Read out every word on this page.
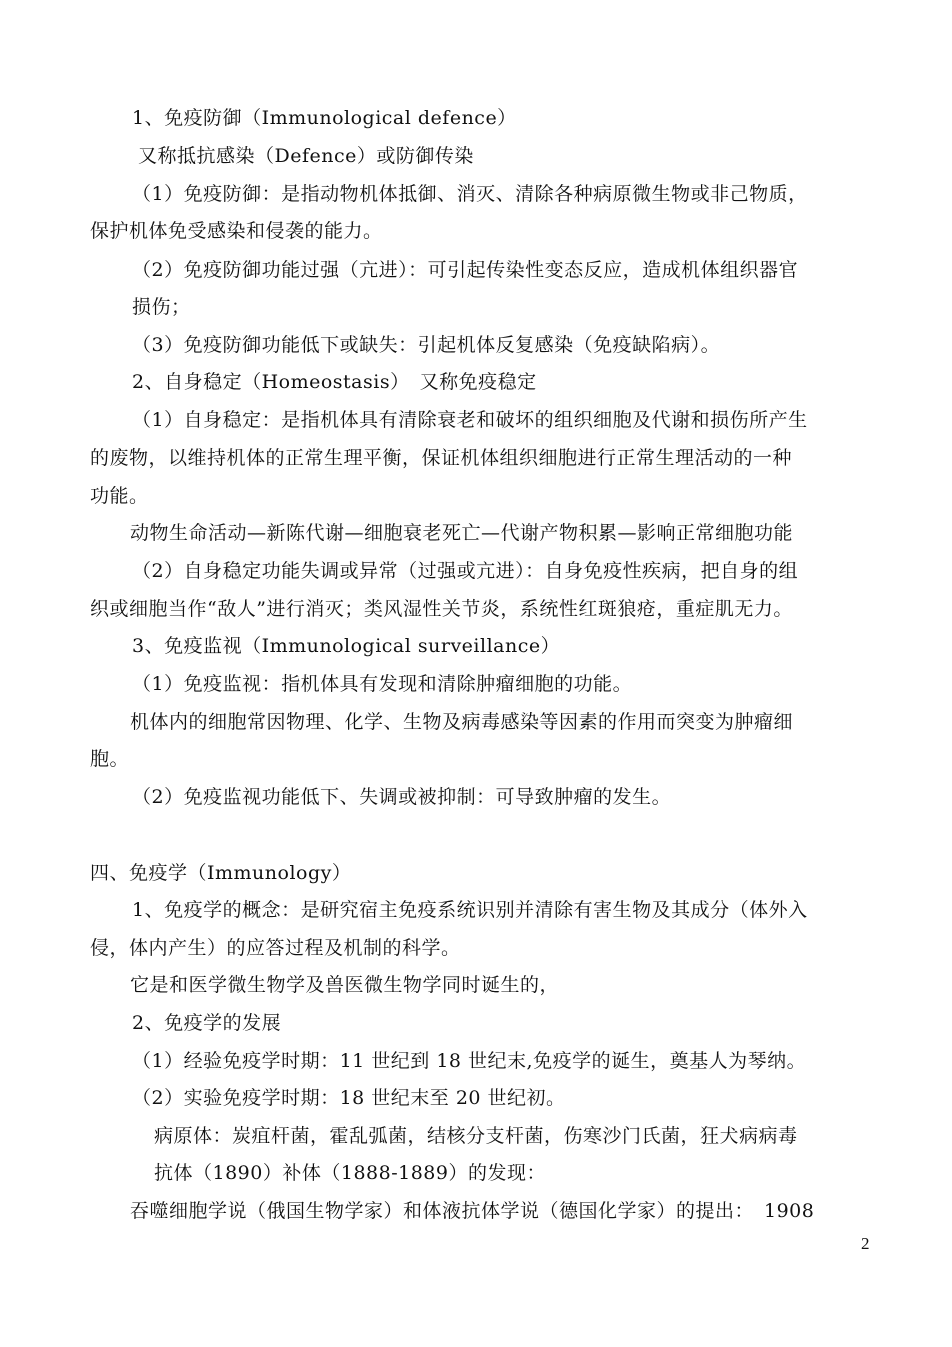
1、免疫防御（Immunological defence）
又称抵抗感染（Defence）或防御传染
（1）免疫防御：是指动物机体抵御、消灭、清除各种病原微生物或非己物质，
保护机体免受感染和侵袭的能力。
（2）免疫防御功能过强（亢进）：可引起传染性变态反应，造成机体组织器官
损伤；
（3）免疫防御功能低下或缺失：引起机体反复感染（免疫缺陷病）。
2、自身稳定（Homeostasis）　又称免疫稳定
（1）自身稳定：是指机体具有清除衰老和破坏的组织细胞及代谢和损伤所产生
的废物，以维持机体的正常生理平衡，保证机体组织细胞进行正常生理活动的一种
功能。
动物生命活动—新陈代谢—细胞衰老死亡—代谢产物积累—影响正常细胞功能
（2）自身稳定功能失调或异常（过强或亢进）：自身免疫性疾病，把自身的组
织或细胞当作“敌人”进行消灭；类风湿性关节炎，系统性红斑狼疮，重症肌无力。
3、免疫监视（Immunological surveillance）
（1）免疫监视：指机体具有发现和清除肿瘤细胞的功能。
机体内的细胞常因物理、化学、生物及病毒感染等因素的作用而突变为肿瘤细
胞。
（2）免疫监视功能低下、失调或被抑制：可导致肿瘤的发生。
四、免疫学（Immunology）
1、免疫学的概念：是研究宿主免疫系统识别并清除有害生物及其成分（体外入
侵，体内产生）的应答过程及机制的科学。
它是和医学微生物学及兽医微生物学同时诞生的，
2、免疫学的发展
（1）经验免疫学时期：11 世纪到 18 世纪末,免疫学的诞生，奠基人为琴纳。
（2）实验免疫学时期：18 世纪末至 20 世纪初。
病原体：炭疽杆菌，霍乱弧菌，结核分支杆菌，伤寒沙门氏菌，狂犬病病毒
抗体（1890）补体（1888-1889）的发现：
吞噬细胞学说（俄国生物学家）和体液抗体学说（德国化学家）的提出：　1908
2
